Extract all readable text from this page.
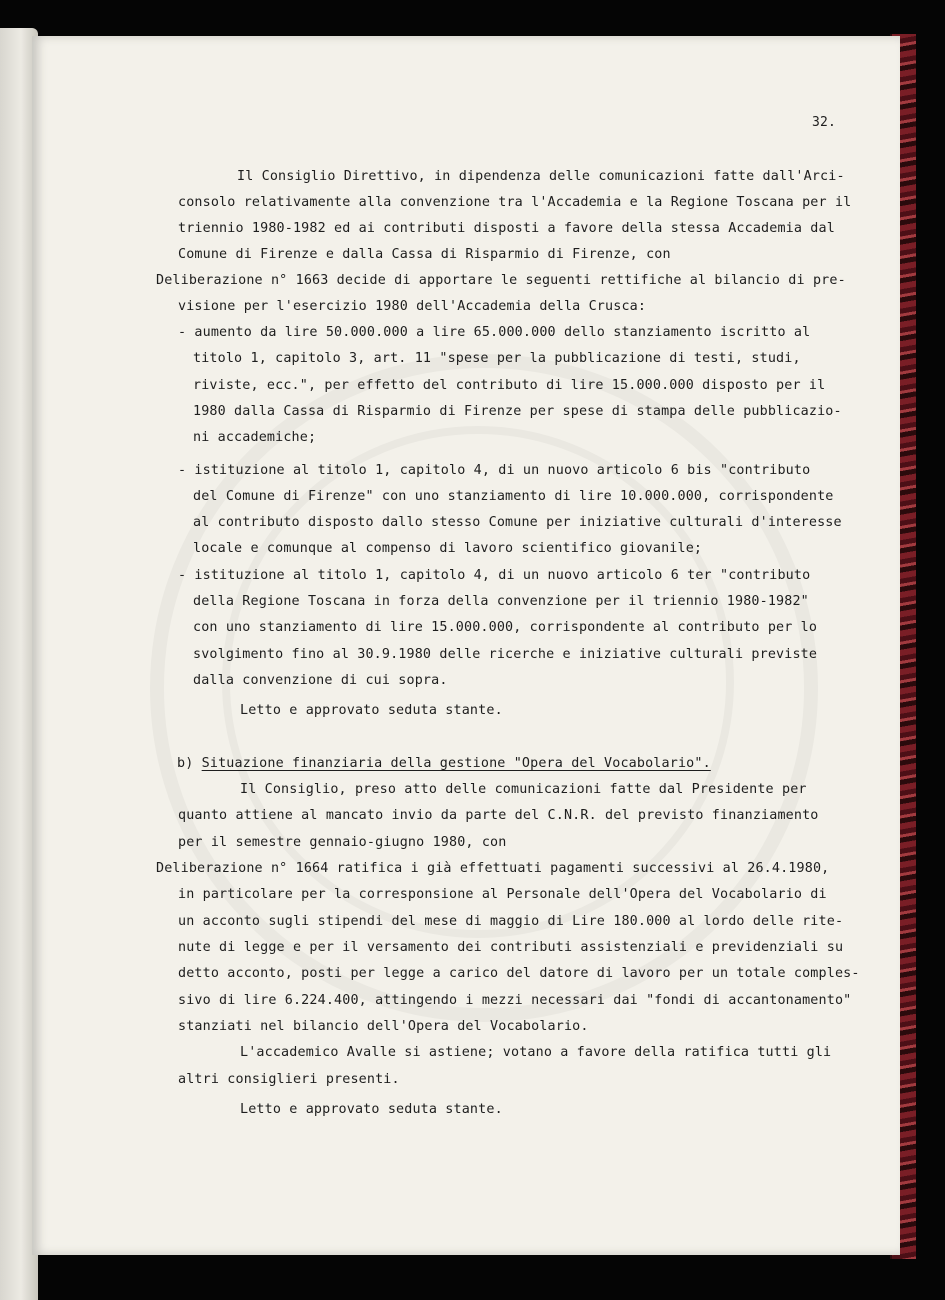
32.
Il Consiglio Direttivo, in dipendenza delle comunicazioni fatte dall'Arci-
consolo relativamente alla convenzione tra l'Accademia e la Regione Toscana per il
triennio 1980-1982 ed ai contributi disposti a favore della stessa Accademia dal
Comune di Firenze e dalla Cassa di Risparmio di Firenze, con
Deliberazione n° 1663 decide di apportare le seguenti rettifiche al bilancio di pre-
visione per l'esercizio 1980 dell'Accademia della Crusca:
- aumento da lire 50.000.000 a lire 65.000.000 dello stanziamento iscritto al
titolo 1, capitolo 3, art. 11 "spese per la pubblicazione di testi, studi,
riviste, ecc.", per effetto del contributo di lire 15.000.000 disposto per il
1980 dalla Cassa di Risparmio di Firenze per spese di stampa delle pubblicazio-
ni accademiche;
- istituzione al titolo 1, capitolo 4, di un nuovo articolo 6 bis "contributo
del Comune di Firenze" con uno stanziamento di lire 10.000.000, corrispondente
al contributo disposto dallo stesso Comune per iniziative culturali d'interesse
locale e comunque al compenso di lavoro scientifico giovanile;
- istituzione al titolo 1, capitolo 4, di un nuovo articolo 6 ter "contributo
della Regione Toscana in forza della convenzione per il triennio 1980-1982"
con uno stanziamento di lire 15.000.000, corrispondente al contributo per lo
svolgimento fino al 30.9.1980 delle ricerche e iniziative culturali previste
dalla convenzione di cui sopra.
Letto e approvato seduta stante.
b) Situazione finanziaria della gestione "Opera del Vocabolario".
Il Consiglio, preso atto delle comunicazioni fatte dal Presidente per
quanto attiene al mancato invio da parte del C.N.R. del previsto finanziamento
per il semestre gennaio-giugno 1980, con
Deliberazione n° 1664 ratifica i già effettuati pagamenti successivi al 26.4.1980,
in particolare per la corresponsione al Personale dell'Opera del Vocabolario di
un acconto sugli stipendi del mese di maggio di Lire 180.000 al lordo delle rite-
nute di legge e per il versamento dei contributi assistenziali e previdenziali su
detto acconto, posti per legge a carico del datore di lavoro per un totale comples-
sivo di lire 6.224.400, attingendo i mezzi necessari dai "fondi di accantonamento"
stanziati nel bilancio dell'Opera del Vocabolario.
L'accademico Avalle si astiene; votano a favore della ratifica tutti gli
altri consiglieri presenti.
Letto e approvato seduta stante.
